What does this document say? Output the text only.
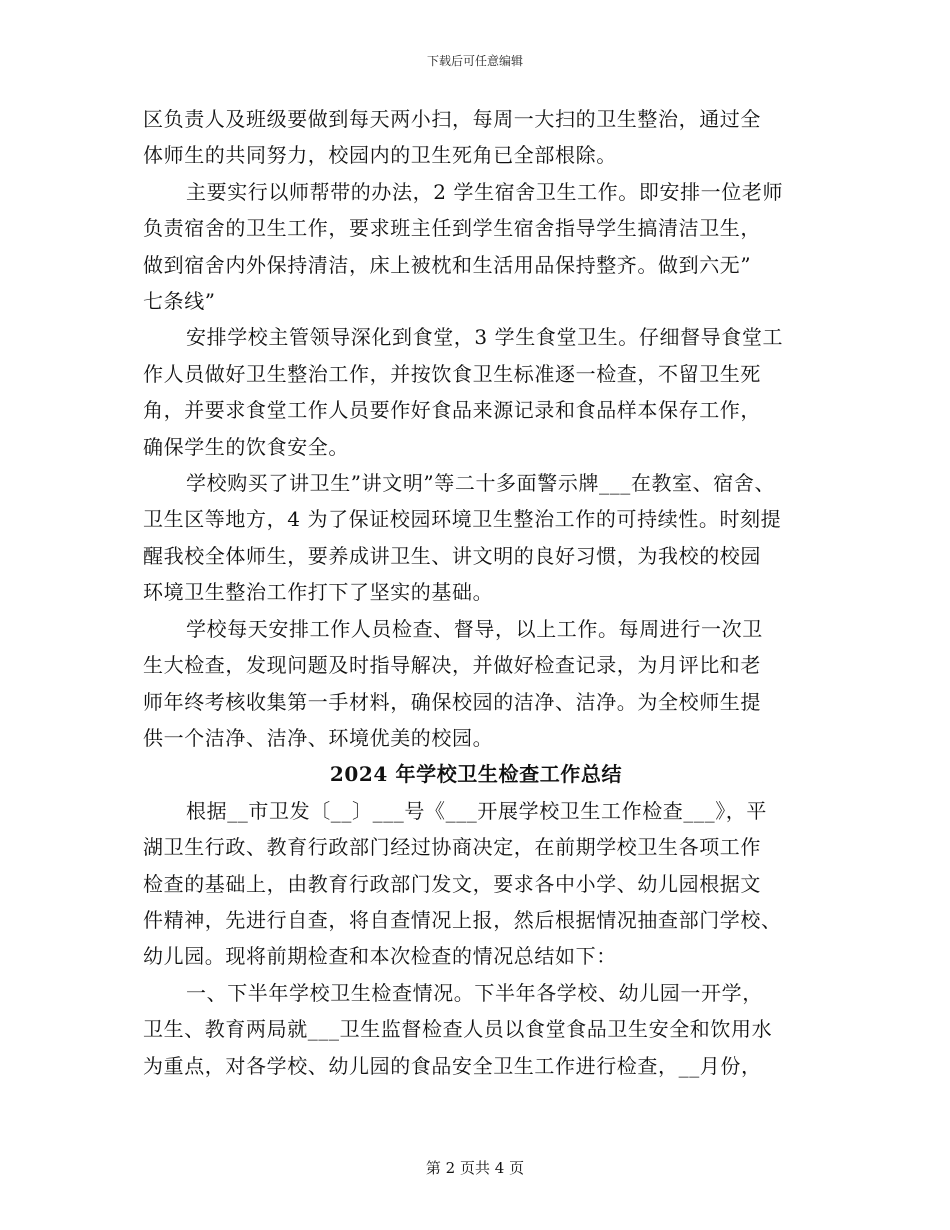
下载后可任意编辑

区负责人及班级要做到每天两小扫，每周一大扫的卫生整治，通过全
体师生的共同努力，校园内的卫生死角已全部根除。

主要实行以师帮带的办法，2 学生宿舍卫生工作。即安排一位老师
负责宿舍的卫生工作，要求班主任到学生宿舍指导学生搞清洁卫生，
做到宿舍内外保持清洁，床上被枕和生活用品保持整齐。做到六无”
七条线”

安排学校主管领导深化到食堂，3 学生食堂卫生。仔细督导食堂工
作人员做好卫生整治工作，并按饮食卫生标准逐一检查，不留卫生死
角，并要求食堂工作人员要作好食品来源记录和食品样本保存工作，
确保学生的饮食安全。

学校购买了讲卫生”讲文明”等二十多面警示牌___在教室、宿舍、
卫生区等地方，4 为了保证校园环境卫生整治工作的可持续性。时刻提
醒我校全体师生，要养成讲卫生、讲文明的良好习惯，为我校的校园
环境卫生整治工作打下了坚实的基础。

学校每天安排工作人员检查、督导，以上工作。每周进行一次卫
生大检查，发现问题及时指导解决，并做好检查记录，为月评比和老
师年终考核收集第一手材料，确保校园的洁净、洁净。为全校师生提
供一个洁净、洁净、环境优美的校园。

2024 年学校卫生检查工作总结

根据__市卫发〔__〕___号《___开展学校卫生工作检查___》，平
湖卫生行政、教育行政部门经过协商决定，在前期学校卫生各项工作
检查的基础上，由教育行政部门发文，要求各中小学、幼儿园根据文
件精神，先进行自查，将自查情况上报，然后根据情况抽查部门学校、
幼儿园。现将前期检查和本次检查的情况总结如下：

一、下半年学校卫生检查情况。下半年各学校、幼儿园一开学，
卫生、教育两局就___卫生监督检查人员以食堂食品卫生安全和饮用水
为重点，对各学校、幼儿园的食品安全卫生工作进行检查，__月份，

第 2 页共 4 页
